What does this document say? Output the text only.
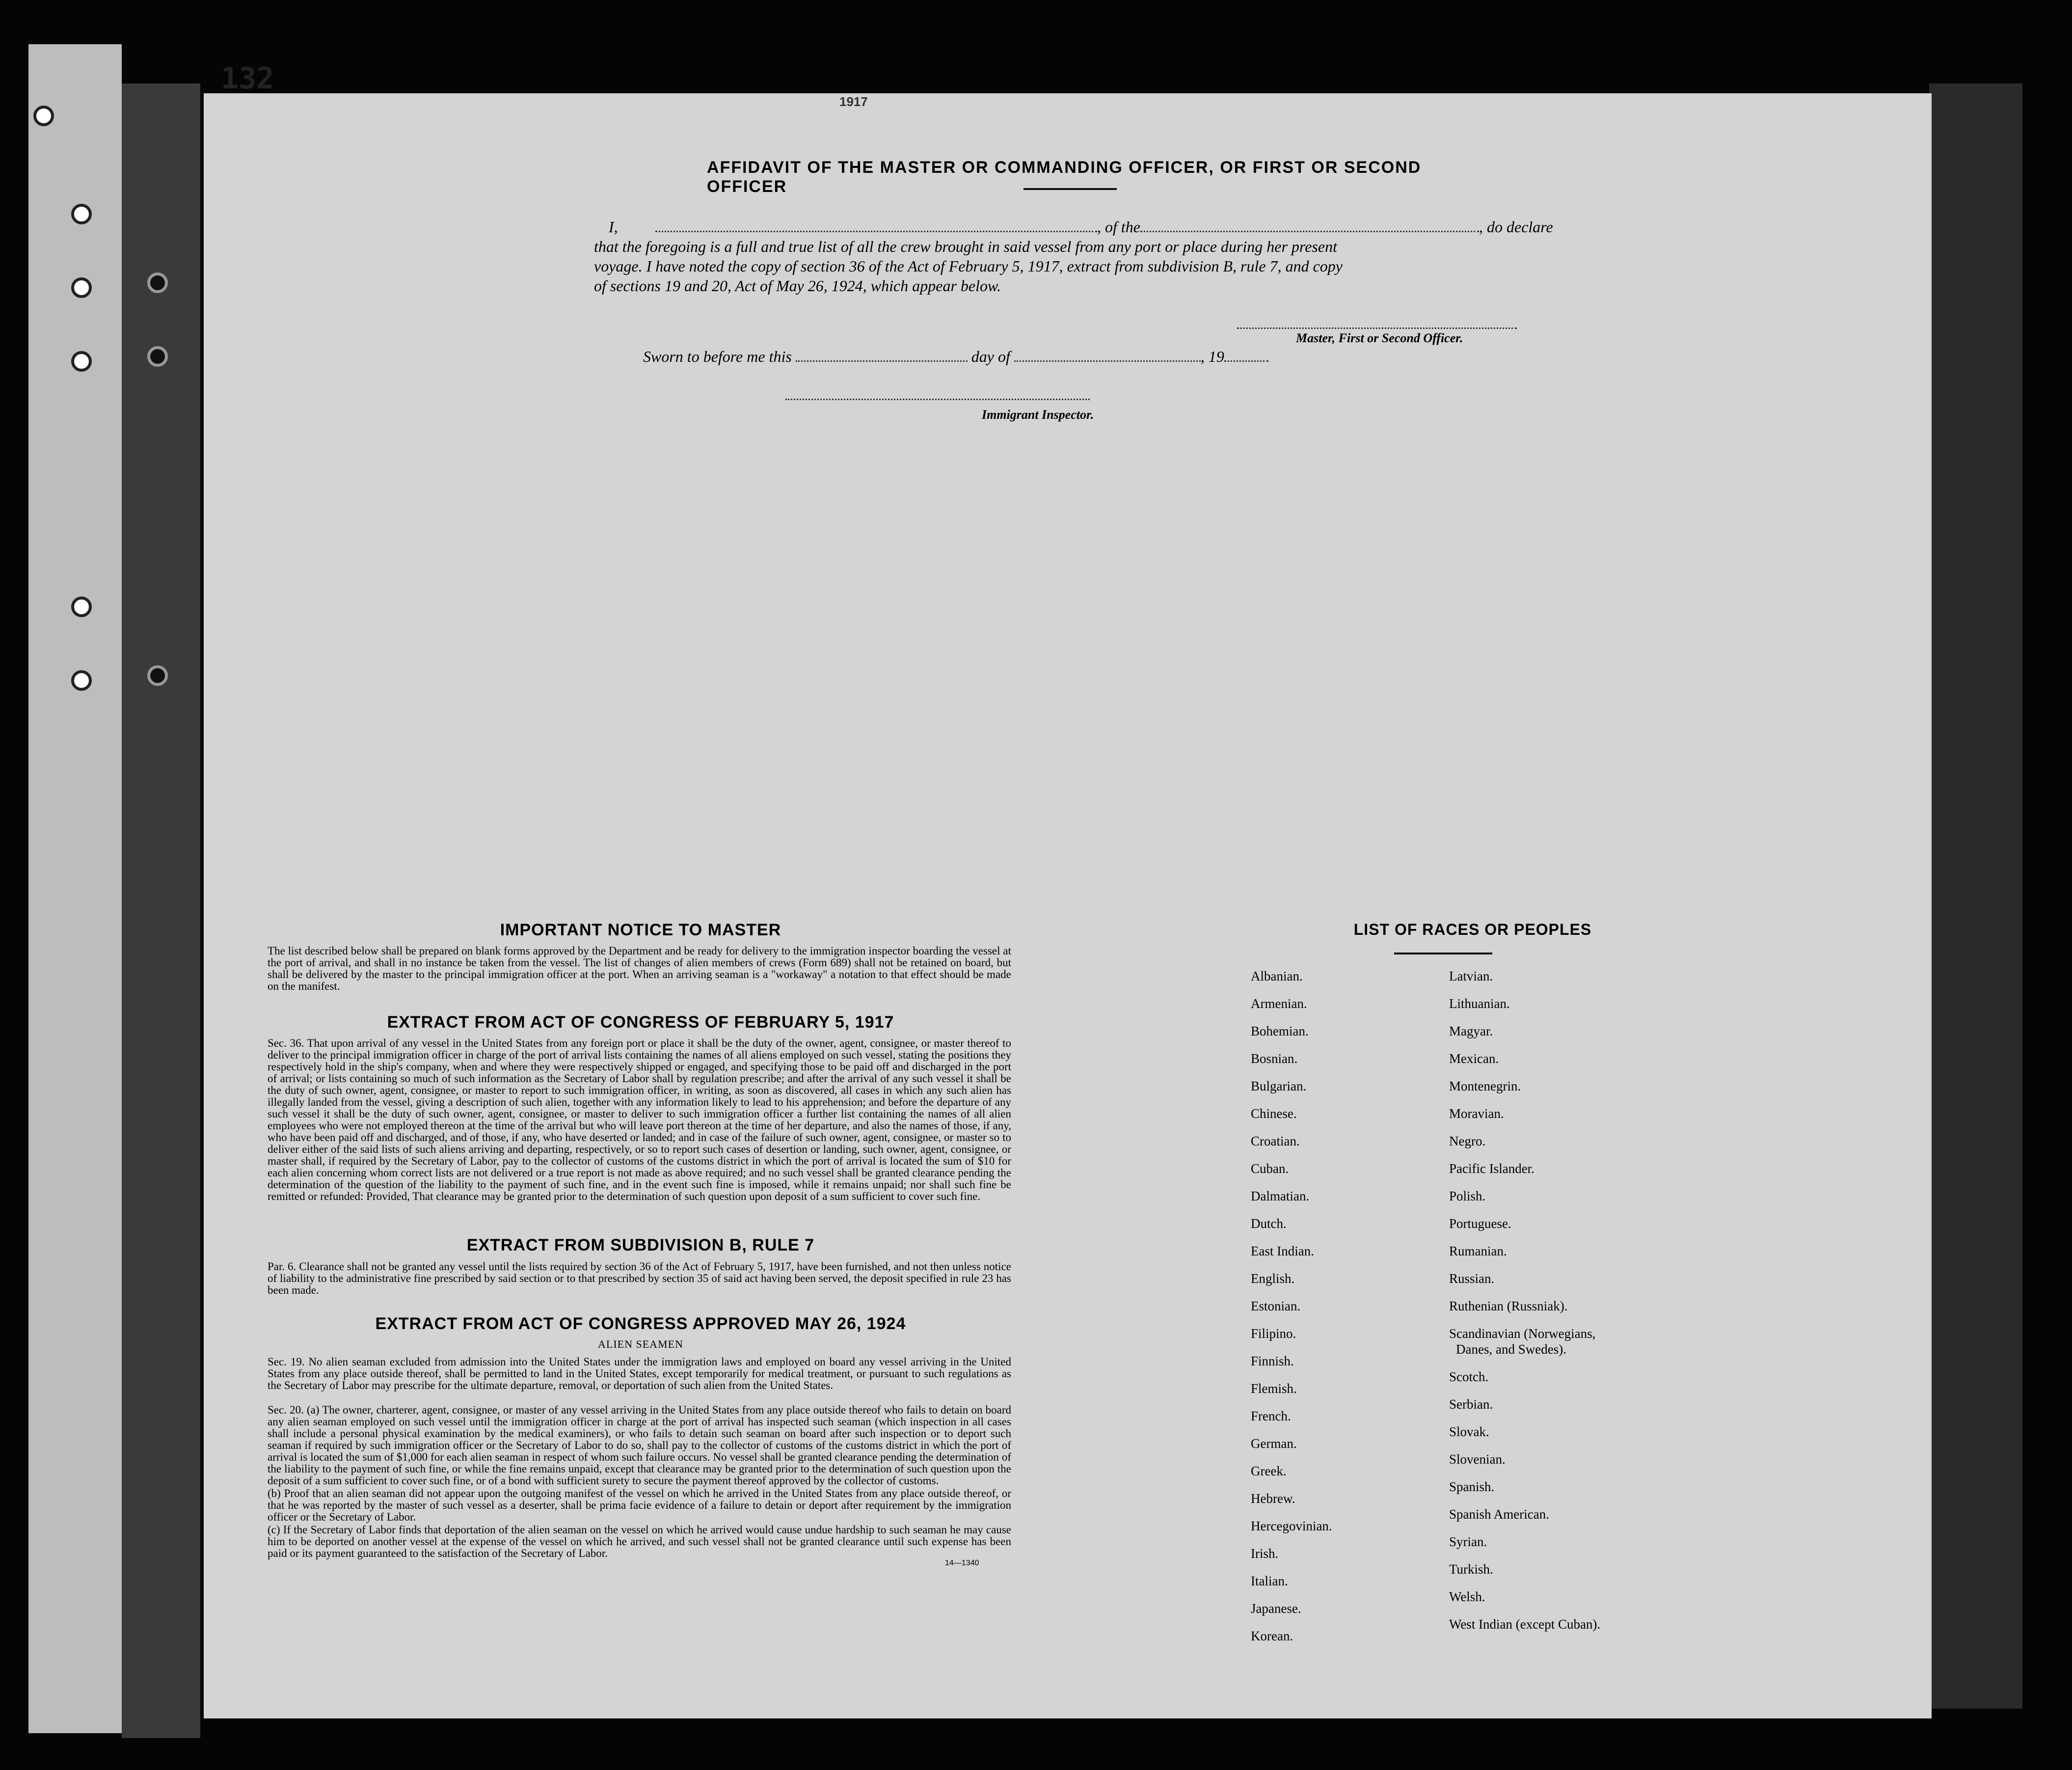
132
1917
AFFIDAVIT OF THE MASTER OR COMMANDING OFFICER, OR FIRST OR SECOND OFFICER
I,	, of the	, do declare
that the foregoing is a full and true list of all the crew brought in said vessel from any port or place during her present
voyage. I have noted the copy of section 36 of the Act of February 5, 1917, extract from subdivision B, rule 7, and copy
of sections 19 and 20, Act of May 26, 1924, which appear below.
Master, First or Second Officer.
Sworn to before me this	day of	, 19
Immigrant Inspector.
IMPORTANT NOTICE TO MASTER
The list described below shall be prepared on blank forms approved by the Department and be ready for delivery to the immigration inspector boarding the vessel at the port of arrival, and shall in no instance be taken from the vessel. The list of changes of alien members of crews (Form 689) shall not be retained on board, but shall be delivered by the master to the principal immigration officer at the port. When an arriving seaman is a "workaway" a notation to that effect should be made on the manifest.
EXTRACT FROM ACT OF CONGRESS OF FEBRUARY 5, 1917
Sec. 36. That upon arrival of any vessel in the United States from any foreign port or place it shall be the duty of the owner, agent, consignee, or master thereof to deliver to the principal immigration officer in charge of the port of arrival lists containing the names of all aliens employed on such vessel, stating the positions they respectively hold in the ship's company, when and where they were respectively shipped or engaged, and specifying those to be paid off and discharged in the port of arrival; or lists containing so much of such information as the Secretary of Labor shall by regulation prescribe; and after the arrival of any such vessel it shall be the duty of such owner, agent, consignee, or master to report to such immigration officer, in writing, as soon as discovered, all cases in which any such alien has illegally landed from the vessel, giving a description of such alien, together with any information likely to lead to his apprehension; and before the departure of any such vessel it shall be the duty of such owner, agent, consignee, or master to deliver to such immigration officer a further list containing the names of all alien employees who were not employed thereon at the time of the arrival but who will leave port thereon at the time of her departure, and also the names of those, if any, who have been paid off and discharged, and of those, if any, who have deserted or landed; and in case of the failure of such owner, agent, consignee, or master so to deliver either of the said lists of such aliens arriving and departing, respectively, or so to report such cases of desertion or landing, such owner, agent, consignee, or master shall, if required by the Secretary of Labor, pay to the collector of customs of the customs district in which the port of arrival is located the sum of $10 for each alien concerning whom correct lists are not delivered or a true report is not made as above required; and no such vessel shall be granted clearance pending the determination of the question of the liability to the payment of such fine, and in the event such fine is imposed, while it remains unpaid; nor shall such fine be remitted or refunded: Provided, That clearance may be granted prior to the determination of such question upon deposit of a sum sufficient to cover such fine.
EXTRACT FROM SUBDIVISION B, RULE 7
Par. 6. Clearance shall not be granted any vessel until the lists required by section 36 of the Act of February 5, 1917, have been furnished, and not then unless notice of liability to the administrative fine prescribed by said section or to that prescribed by section 35 of said act having been served, the deposit specified in rule 23 has been made.
EXTRACT FROM ACT OF CONGRESS APPROVED MAY 26, 1924
ALIEN SEAMEN
Sec. 19. No alien seaman excluded from admission into the United States under the immigration laws and employed on board any vessel arriving in the United States from any place outside thereof, shall be permitted to land in the United States, except temporarily for medical treatment, or pursuant to such regulations as the Secretary of Labor may prescribe for the ultimate departure, removal, or deportation of such alien from the United States.
Sec. 20. (a) The owner, charterer, agent, consignee, or master of any vessel arriving in the United States from any place outside thereof who fails to detain on board any alien seaman employed on such vessel until the immigration officer in charge at the port of arrival has inspected such seaman (which inspection in all cases shall include a personal physical examination by the medical examiners), or who fails to detain such seaman on board after such inspection or to deport such seaman if required by such immigration officer or the Secretary of Labor to do so, shall pay to the collector of customs of the customs district in which the port of arrival is located the sum of $1,000 for each alien seaman in respect of whom such failure occurs. No vessel shall be granted clearance pending the determination of the liability to the payment of such fine, or while the fine remains unpaid, except that clearance may be granted prior to the determination of such question upon the deposit of a sum sufficient to cover such fine, or of a bond with sufficient surety to secure the payment thereof approved by the collector of customs.
(b) Proof that an alien seaman did not appear upon the outgoing manifest of the vessel on which he arrived in the United States from any place outside thereof, or that he was reported by the master of such vessel as a deserter, shall be prima facie evidence of a failure to detain or deport after requirement by the immigration officer or the Secretary of Labor.
(c) If the Secretary of Labor finds that deportation of the alien seaman on the vessel on which he arrived would cause undue hardship to such seaman he may cause him to be deported on another vessel at the expense of the vessel on which he arrived, and such vessel shall not be granted clearance until such expense has been paid or its payment guaranteed to the satisfaction of the Secretary of Labor.
14—1340
LIST OF RACES OR PEOPLES
Albanian.
Armenian.
Bohemian.
Bosnian.
Bulgarian.
Chinese.
Croatian.
Cuban.
Dalmatian.
Dutch.
East Indian.
English.
Estonian.
Filipino.
Finnish.
Flemish.
French.
German.
Greek.
Hebrew.
Hercegovinian.
Irish.
Italian.
Japanese.
Korean.
Latvian.
Lithuanian.
Magyar.
Mexican.
Montenegrin.
Moravian.
Negro.
Pacific Islander.
Polish.
Portuguese.
Rumanian.
Russian.
Ruthenian (Russniak).
Scandinavian (Norwegians,
Danes, and Swedes).
Scotch.
Serbian.
Slovak.
Slovenian.
Spanish.
Spanish American.
Syrian.
Turkish.
Welsh.
West Indian (except Cuban).
